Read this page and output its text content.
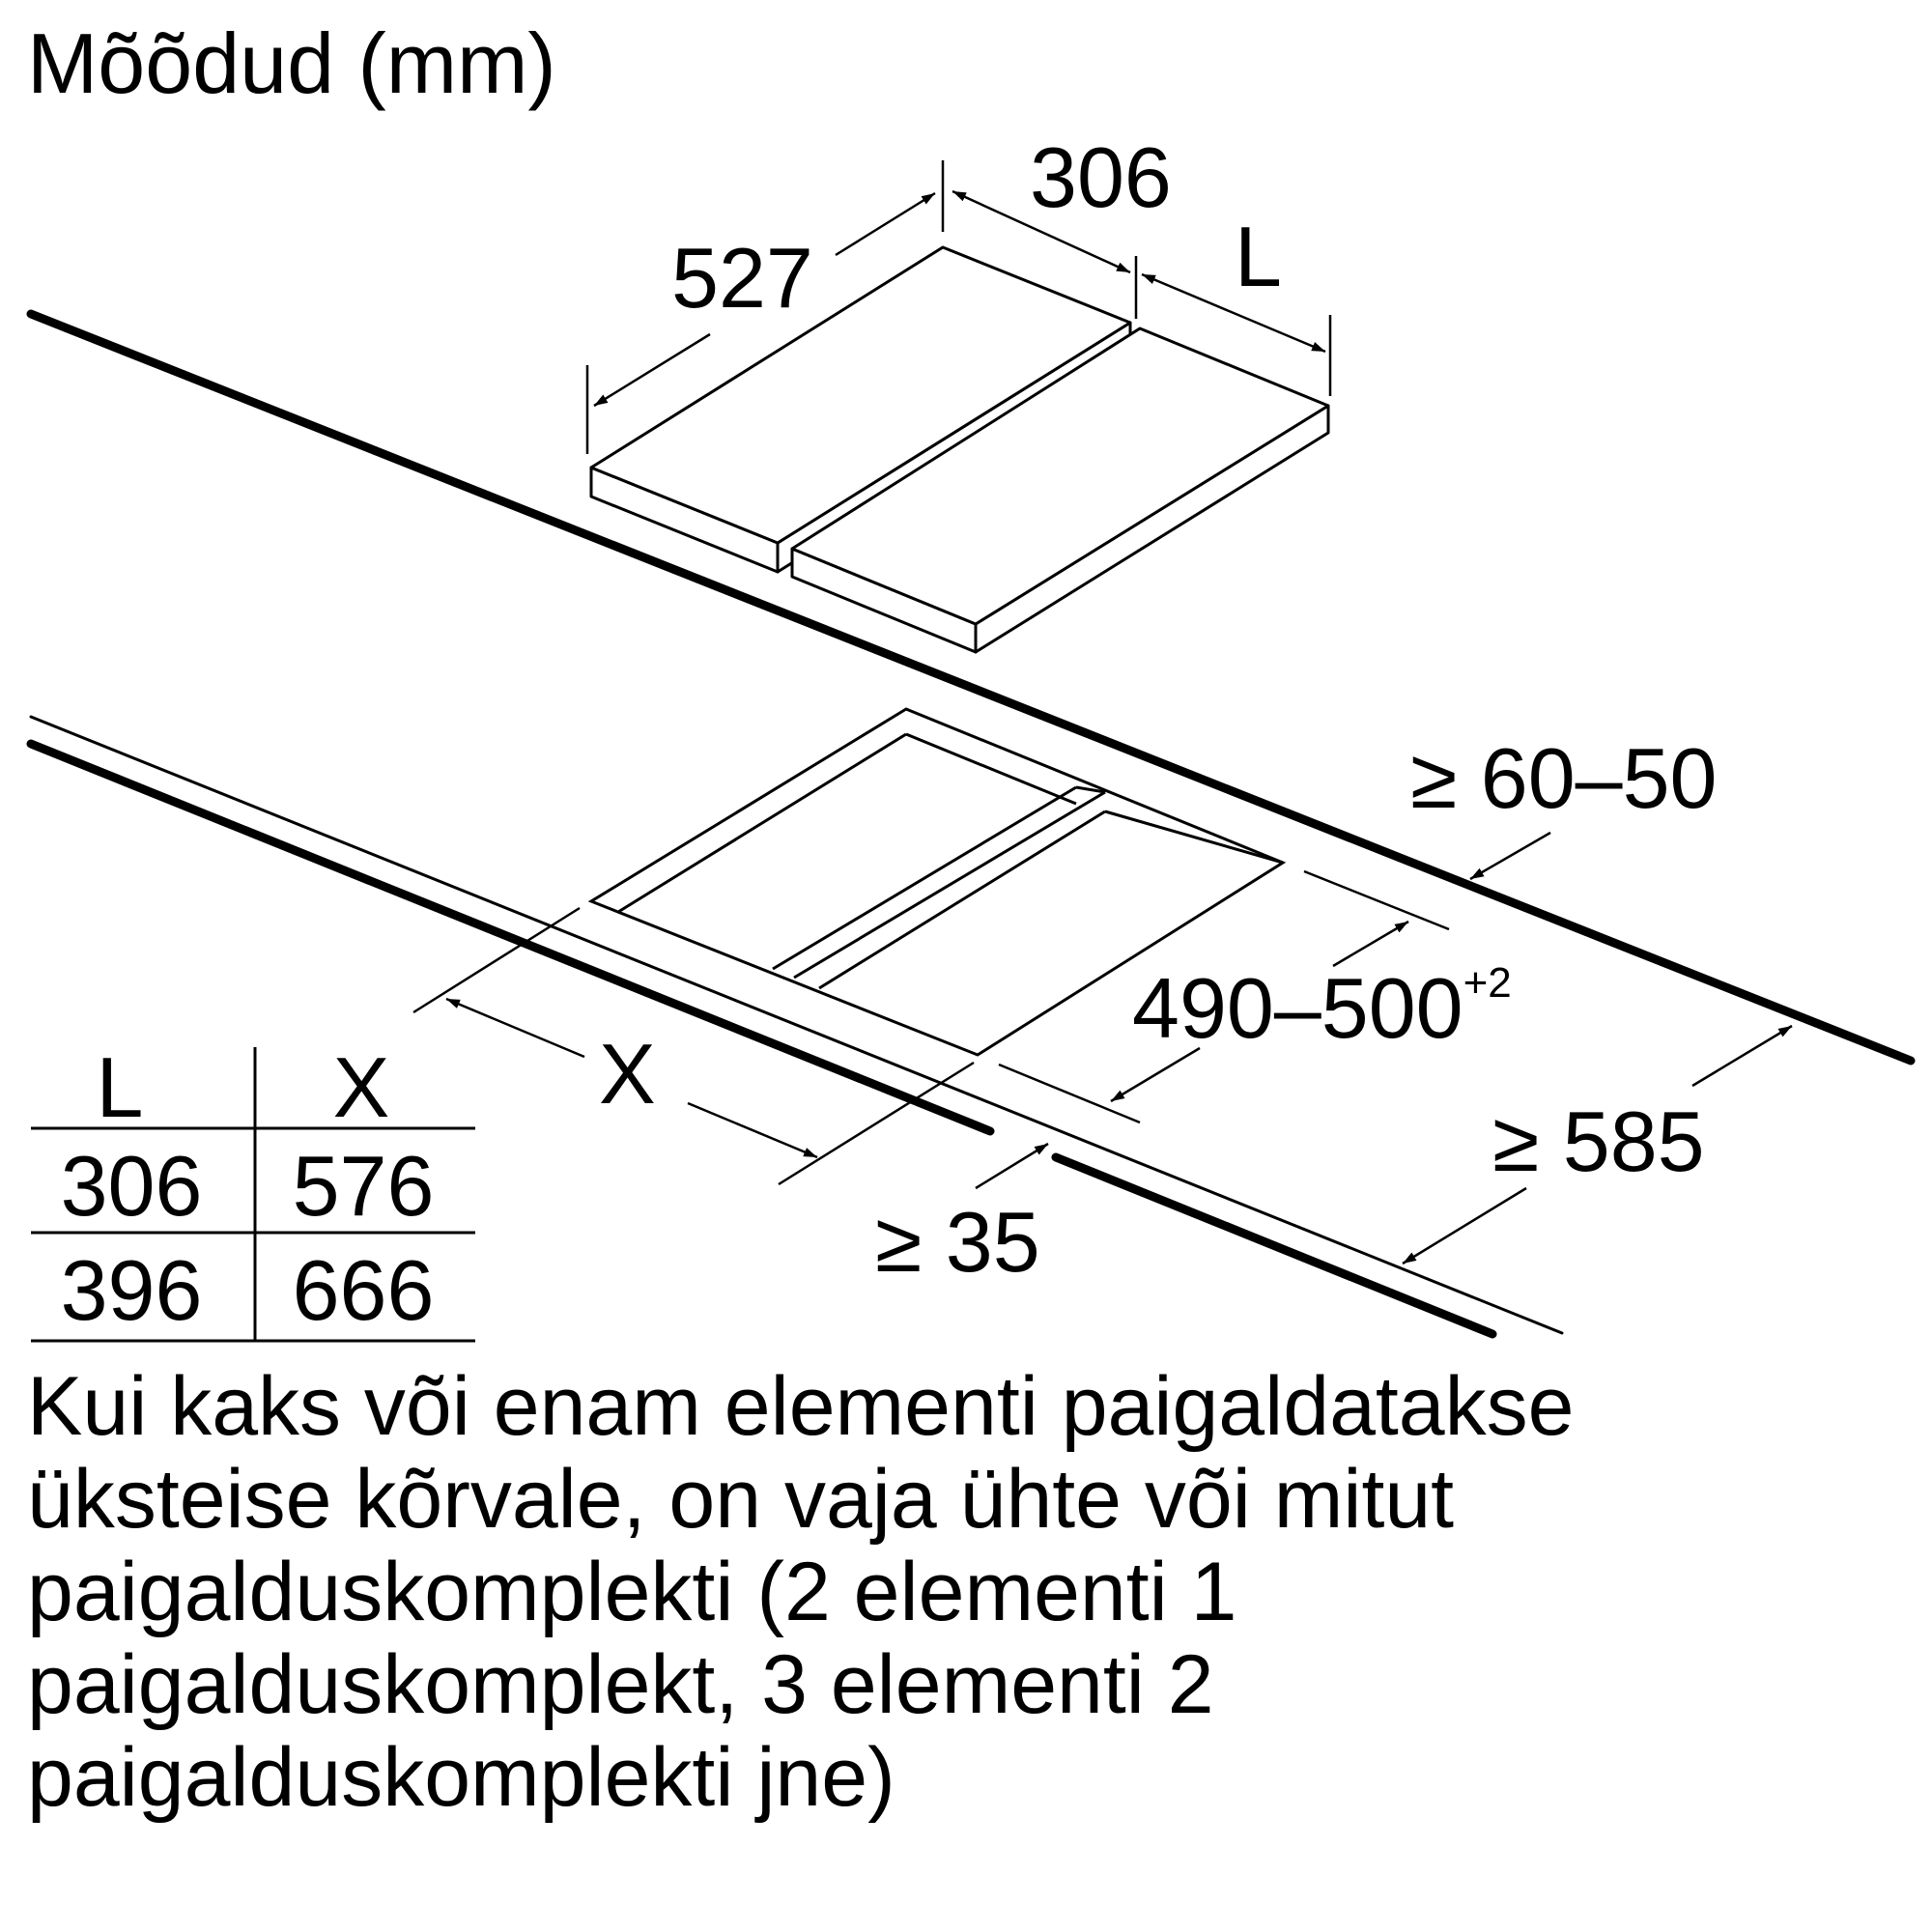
Mõõdud (mm)
527
306
L
X
$490-500^{+2}$
≥ 60–50
≥ 585
≥ 35
L X
306 576
396 666
Kui kaks või enam elementi paigaldatakse
üksteise kõrvale, on vaja ühte või mitut
paigalduskomplekti (2 elementi 1
paigalduskomplekt, 3 elementi 2
paigalduskomplekti jne)
